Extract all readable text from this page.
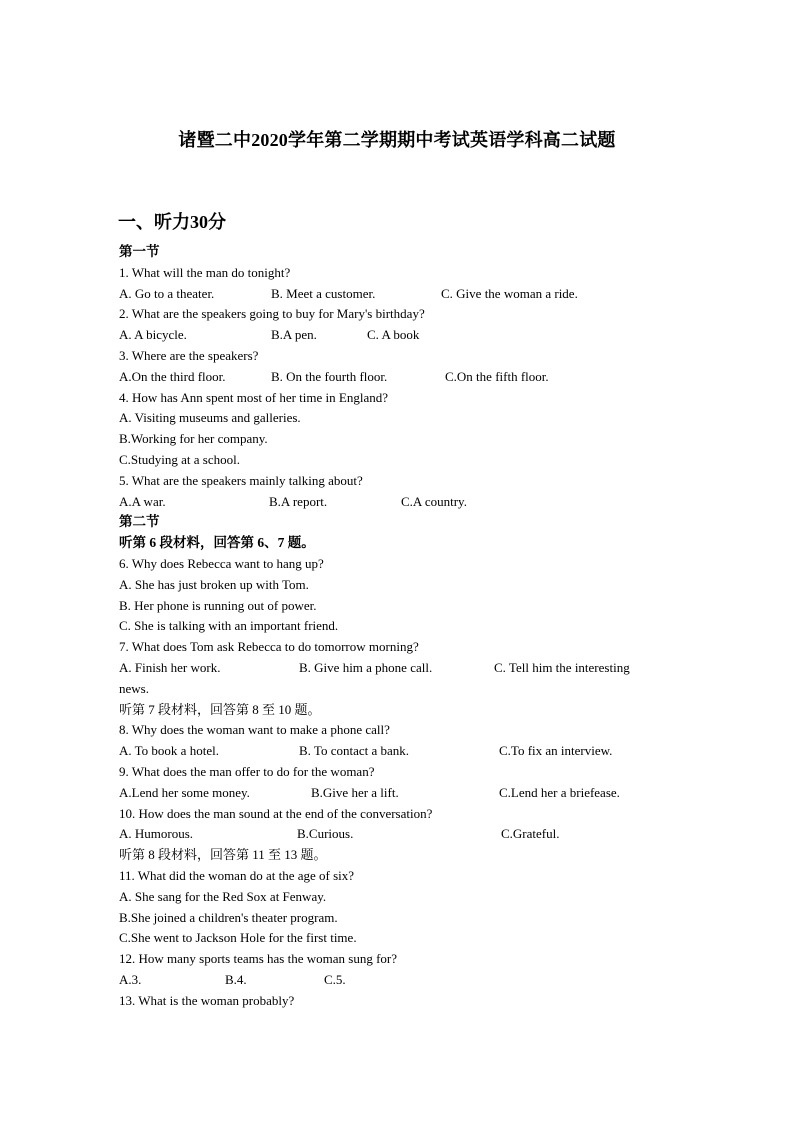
诸暨二中2020学年第二学期期中考试英语学科高二试题
一、听力30分
第一节
1. What will the man do tonight?
A. Go to a theater.	B. Meet a customer.	C. Give the woman a ride.
2. What are the speakers going to buy for Mary's birthday?
A. A bicycle.	B.A pen.	C. A book
3. Where are the speakers?
A.On the third floor.	B. On the fourth floor.	C.On the fifth floor.
4. How has Ann spent most of her time in England?
A. Visiting museums and galleries.
B.Working for her company.
C.Studying at a school.
5. What are the speakers mainly talking about?
A.A war.	B.A report.	C.A country.
第二节
听第 6 段材料，回答第 6、7 题。
6. Why does Rebecca want to hang up?
A. She has just broken up with Tom.
B. Her phone is running out of power.
C. She is talking with an important friend.
7. What does Tom ask Rebecca to do tomorrow morning?
A. Finish her work.	B. Give him a phone call.	C. Tell him the interesting
news.
听第 7 段材料，回答第 8 至 10 题。
8. Why does the woman want to make a phone call?
A. To book a hotel.	B. To contact a bank.	C.To fix an interview.
9. What does the man offer to do for the woman?
A.Lend her some money.	B.Give her a lift.	C.Lend her a briefease.
10. How does the man sound at the end of the conversation?
A. Humorous.	B.Curious.	C.Grateful.
听第 8 段材料，回答第 11 至 13 题。
11. What did the woman do at the age of six?
A. She sang for the Red Sox at Fenway.
B.She joined a children's theater program.
C.She went to Jackson Hole for the first time.
12. How many sports teams has the woman sung for?
A.3.	B.4.	C.5.
13. What is the woman probably?
